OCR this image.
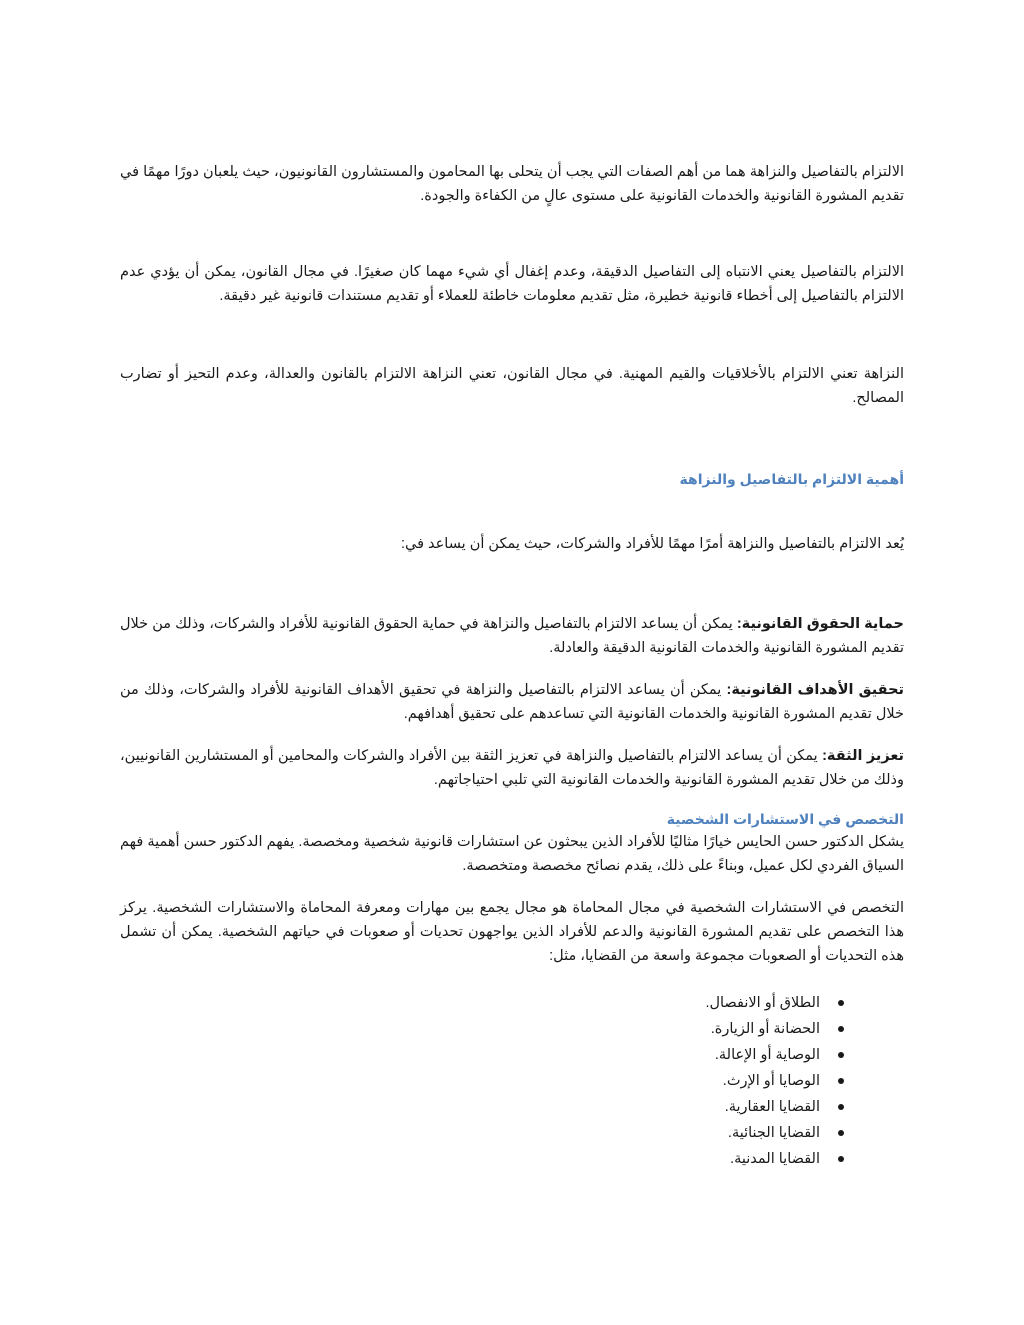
الالتزام بالتفاصيل والنزاهة هما من أهم الصفات التي يجب أن يتحلى بها المحامون والمستشارون القانونيون، حيث يلعبان دورًا مهمًا في تقديم المشورة القانونية والخدمات القانونية على مستوى عالٍ من الكفاءة والجودة.

الالتزام بالتفاصيل يعني الانتباه إلى التفاصيل الدقيقة، وعدم إغفال أي شيء مهما كان صغيرًا. في مجال القانون، يمكن أن يؤدي عدم الالتزام بالتفاصيل إلى أخطاء قانونية خطيرة، مثل تقديم معلومات خاطئة للعملاء أو تقديم مستندات قانونية غير دقيقة.

النزاهة تعني الالتزام بالأخلاقيات والقيم المهنية. في مجال القانون، تعني النزاهة الالتزام بالقانون والعدالة، وعدم التحيز أو تضارب المصالح.

أهمية الالتزام بالتفاصيل والنزاهة

يُعد الالتزام بالتفاصيل والنزاهة أمرًا مهمًا للأفراد والشركات، حيث يمكن أن يساعد في:

حماية الحقوق القانونية: يمكن أن يساعد الالتزام بالتفاصيل والنزاهة في حماية الحقوق القانونية للأفراد والشركات، وذلك من خلال تقديم المشورة القانونية والخدمات القانونية الدقيقة والعادلة.

تحقيق الأهداف القانونية: يمكن أن يساعد الالتزام بالتفاصيل والنزاهة في تحقيق الأهداف القانونية للأفراد والشركات، وذلك من خلال تقديم المشورة القانونية والخدمات القانونية التي تساعدهم على تحقيق أهدافهم.

تعزيز الثقة: يمكن أن يساعد الالتزام بالتفاصيل والنزاهة في تعزيز الثقة بين الأفراد والشركات والمحامين أو المستشارين القانونيين، وذلك من خلال تقديم المشورة القانونية والخدمات القانونية التي تلبي احتياجاتهم.

التخصص في الاستشارات الشخصية

يشكل الدكتور حسن الحايس خيارًا مثاليًا للأفراد الذين يبحثون عن استشارات قانونية شخصية ومخصصة. يفهم الدكتور حسن أهمية فهم السياق الفردي لكل عميل، وبناءً على ذلك، يقدم نصائح مخصصة ومتخصصة.

التخصص في الاستشارات الشخصية في مجال المحاماة هو مجال يجمع بين مهارات ومعرفة المحاماة والاستشارات الشخصية. يركز هذا التخصص على تقديم المشورة القانونية والدعم للأفراد الذين يواجهون تحديات أو صعوبات في حياتهم الشخصية. يمكن أن تشمل هذه التحديات أو الصعوبات مجموعة واسعة من القضايا، مثل:

الطلاق أو الانفصال.
الحضانة أو الزيارة.
الوصاية أو الإعالة.
الوصايا أو الإرث.
القضايا العقارية.
القضايا الجنائية.
القضايا المدنية.
